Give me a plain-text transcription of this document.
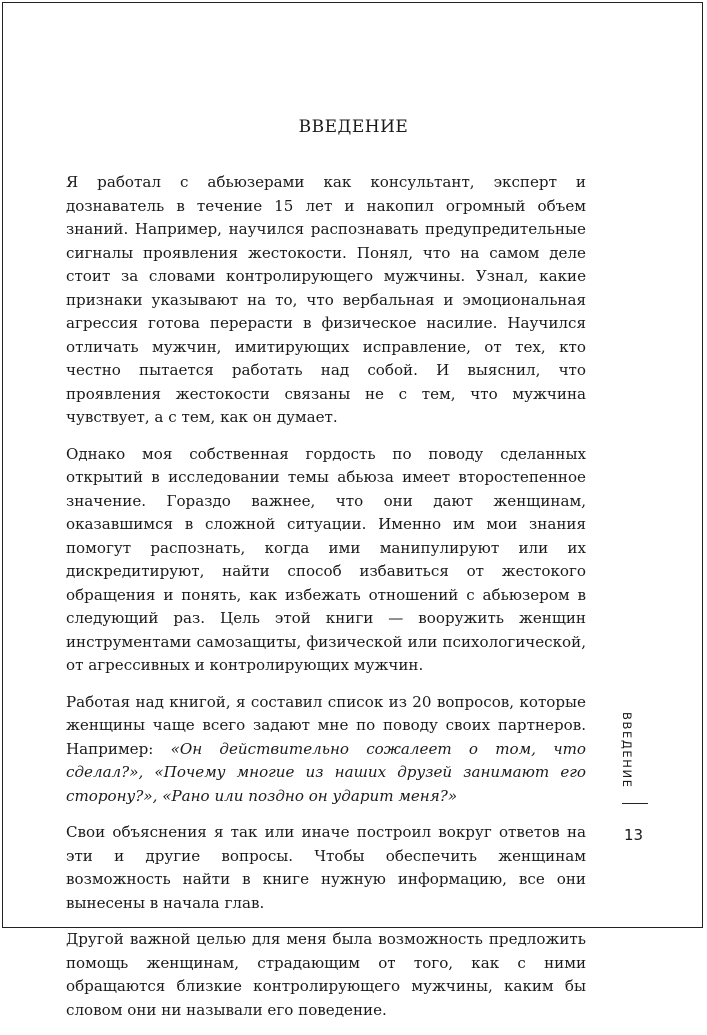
ВВЕДЕНИЕ

Я работал с абьюзерами как консультант, эксперт и дознаватель в течение 15 лет и накопил огромный объем знаний. Например, научился распознавать предупредительные сигналы проявления жестокости. Понял, что на самом деле стоит за словами контролирующего мужчины. Узнал, какие признаки указывают на то, что вербальная и эмоциональная агрессия готова перерасти в физическое насилие. Научился отличать мужчин, имитирующих исправление, от тех, кто честно пытается работать над собой. И выяснил, что проявления жестокости связаны не с тем, что мужчина чувствует, а с тем, как он думает.

Однако моя собственная гордость по поводу сделанных открытий в исследовании темы абьюза имеет второстепенное значение. Гораздо важнее, что они дают женщинам, оказавшимся в сложной ситуации. Именно им мои знания помогут распознать, когда ими манипулируют или их дискредитируют, найти способ избавиться от жестокого обращения и понять, как избежать отношений с абьюзером в следующий раз. Цель этой книги — вооружить женщин инструментами самозащиты, физической или психологической, от агрессивных и контролирующих мужчин.

Работая над книгой, я составил список из 20 вопросов, которые женщины чаще всего задают мне по поводу своих партнеров. Например: «Он действительно сожалеет о том, что сделал?», «Почему многие из наших друзей занимают его сторону?», «Рано или поздно он ударит меня?»

Свои объяснения я так или иначе построил вокруг ответов на эти и другие вопросы. Чтобы обеспечить женщинам возможность найти в книге нужную информацию, все они вынесены в начала глав.

Другой важной целью для меня была возможность предложить помощь женщинам, страдающим от того, как с ними обращаются близкие контролирующего мужчины, каким бы словом они ни называли его поведение.

ВВЕДЕНИЕ
13
